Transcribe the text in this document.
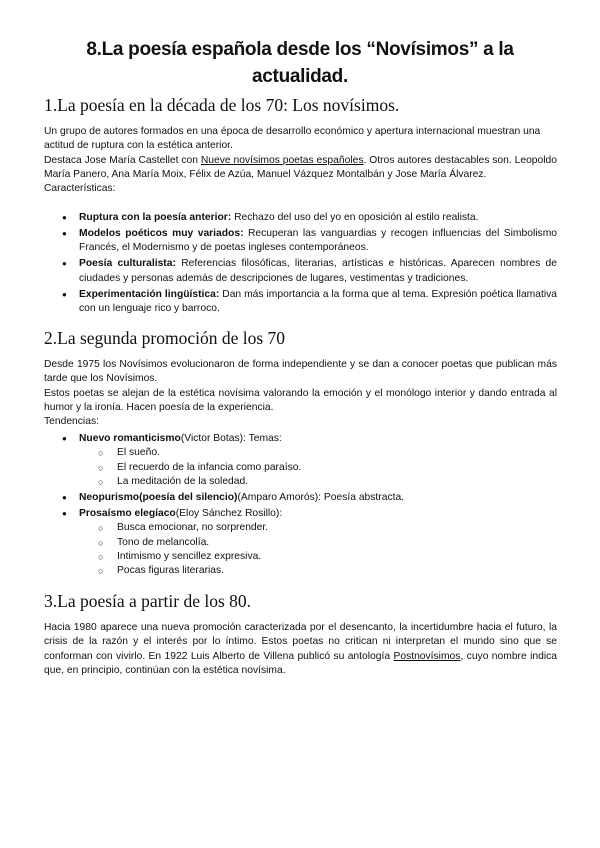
8.La poesía española desde los “Novísimos” a la actualidad.
1.La poesía en la década de los 70: Los novísimos.
Un grupo de autores formados en una época de desarrollo económico y apertura internacional muestran una actitud de ruptura con la estética anterior.
Destaca Jose María Castellet con Nueve novísimos poetas españoles. Otros autores destacables son. Leopoldo María Panero, Ana María Moix, Félix de Azúa, Manuel Vázquez Montalbán y Jose María Álvarez.
Características:
● Ruptura con la poesía anterior: Rechazo del uso del yo en oposición al estilo realista.
● Modelos poéticos muy variados: Recuperan las vanguardias y recogen influencias del Simbolismo Francés, el Modernismo y de poetas ingleses contemporáneos.
● Poesía culturalista: Referencias filosóficas, literarias, artísticas e históricas. Aparecen nombres de ciudades y personas además de descripciones de lugares, vestimentas y tradiciones.
● Experimentación lingüística: Dan más importancia a la forma que al tema. Expresión poética llamativa con un lenguaje rico y barroco.
2.La segunda promoción de los 70
Desde 1975 los Novísimos evolucionaron de forma independiente y se dan a conocer poetas que publican más tarde que los Novísimos.
Estos poetas se alejan de la estética novísima valorando la emoción y el monólogo interior y dando entrada al humor y la ironía. Hacen poesía de la experiencia.
Tendencias:
● Nuevo romanticismo(Victor Botas): Temas:
○ El sueño.
○ El recuerdo de la infancia como paraíso.
○ La meditación de la soledad.
● Neopurismo(poesía del silencio)(Amparo Amorós): Poesía abstracta.
● Prosaísmo elegíaco(Eloy Sánchez Rosillo):
○ Busca emocionar, no sorprender.
○ Tono de melancolía.
○ Intimismo y sencillez expresiva.
○ Pocas figuras literarias.
3.La poesía a partir de los 80.
Hacia 1980 aparece una nueva promoción caracterizada por el desencanto, la incertidumbre hacia el futuro, la crisis de la razón y el interés por lo íntimo. Estos poetas no critican ni interpretan el mundo sino que se conforman con vivirlo. En 1922 Luis Alberto de Villena publicó su antología Postnovísimos, cuyo nombre indica que, en principio, continúan con la estética novísima.
